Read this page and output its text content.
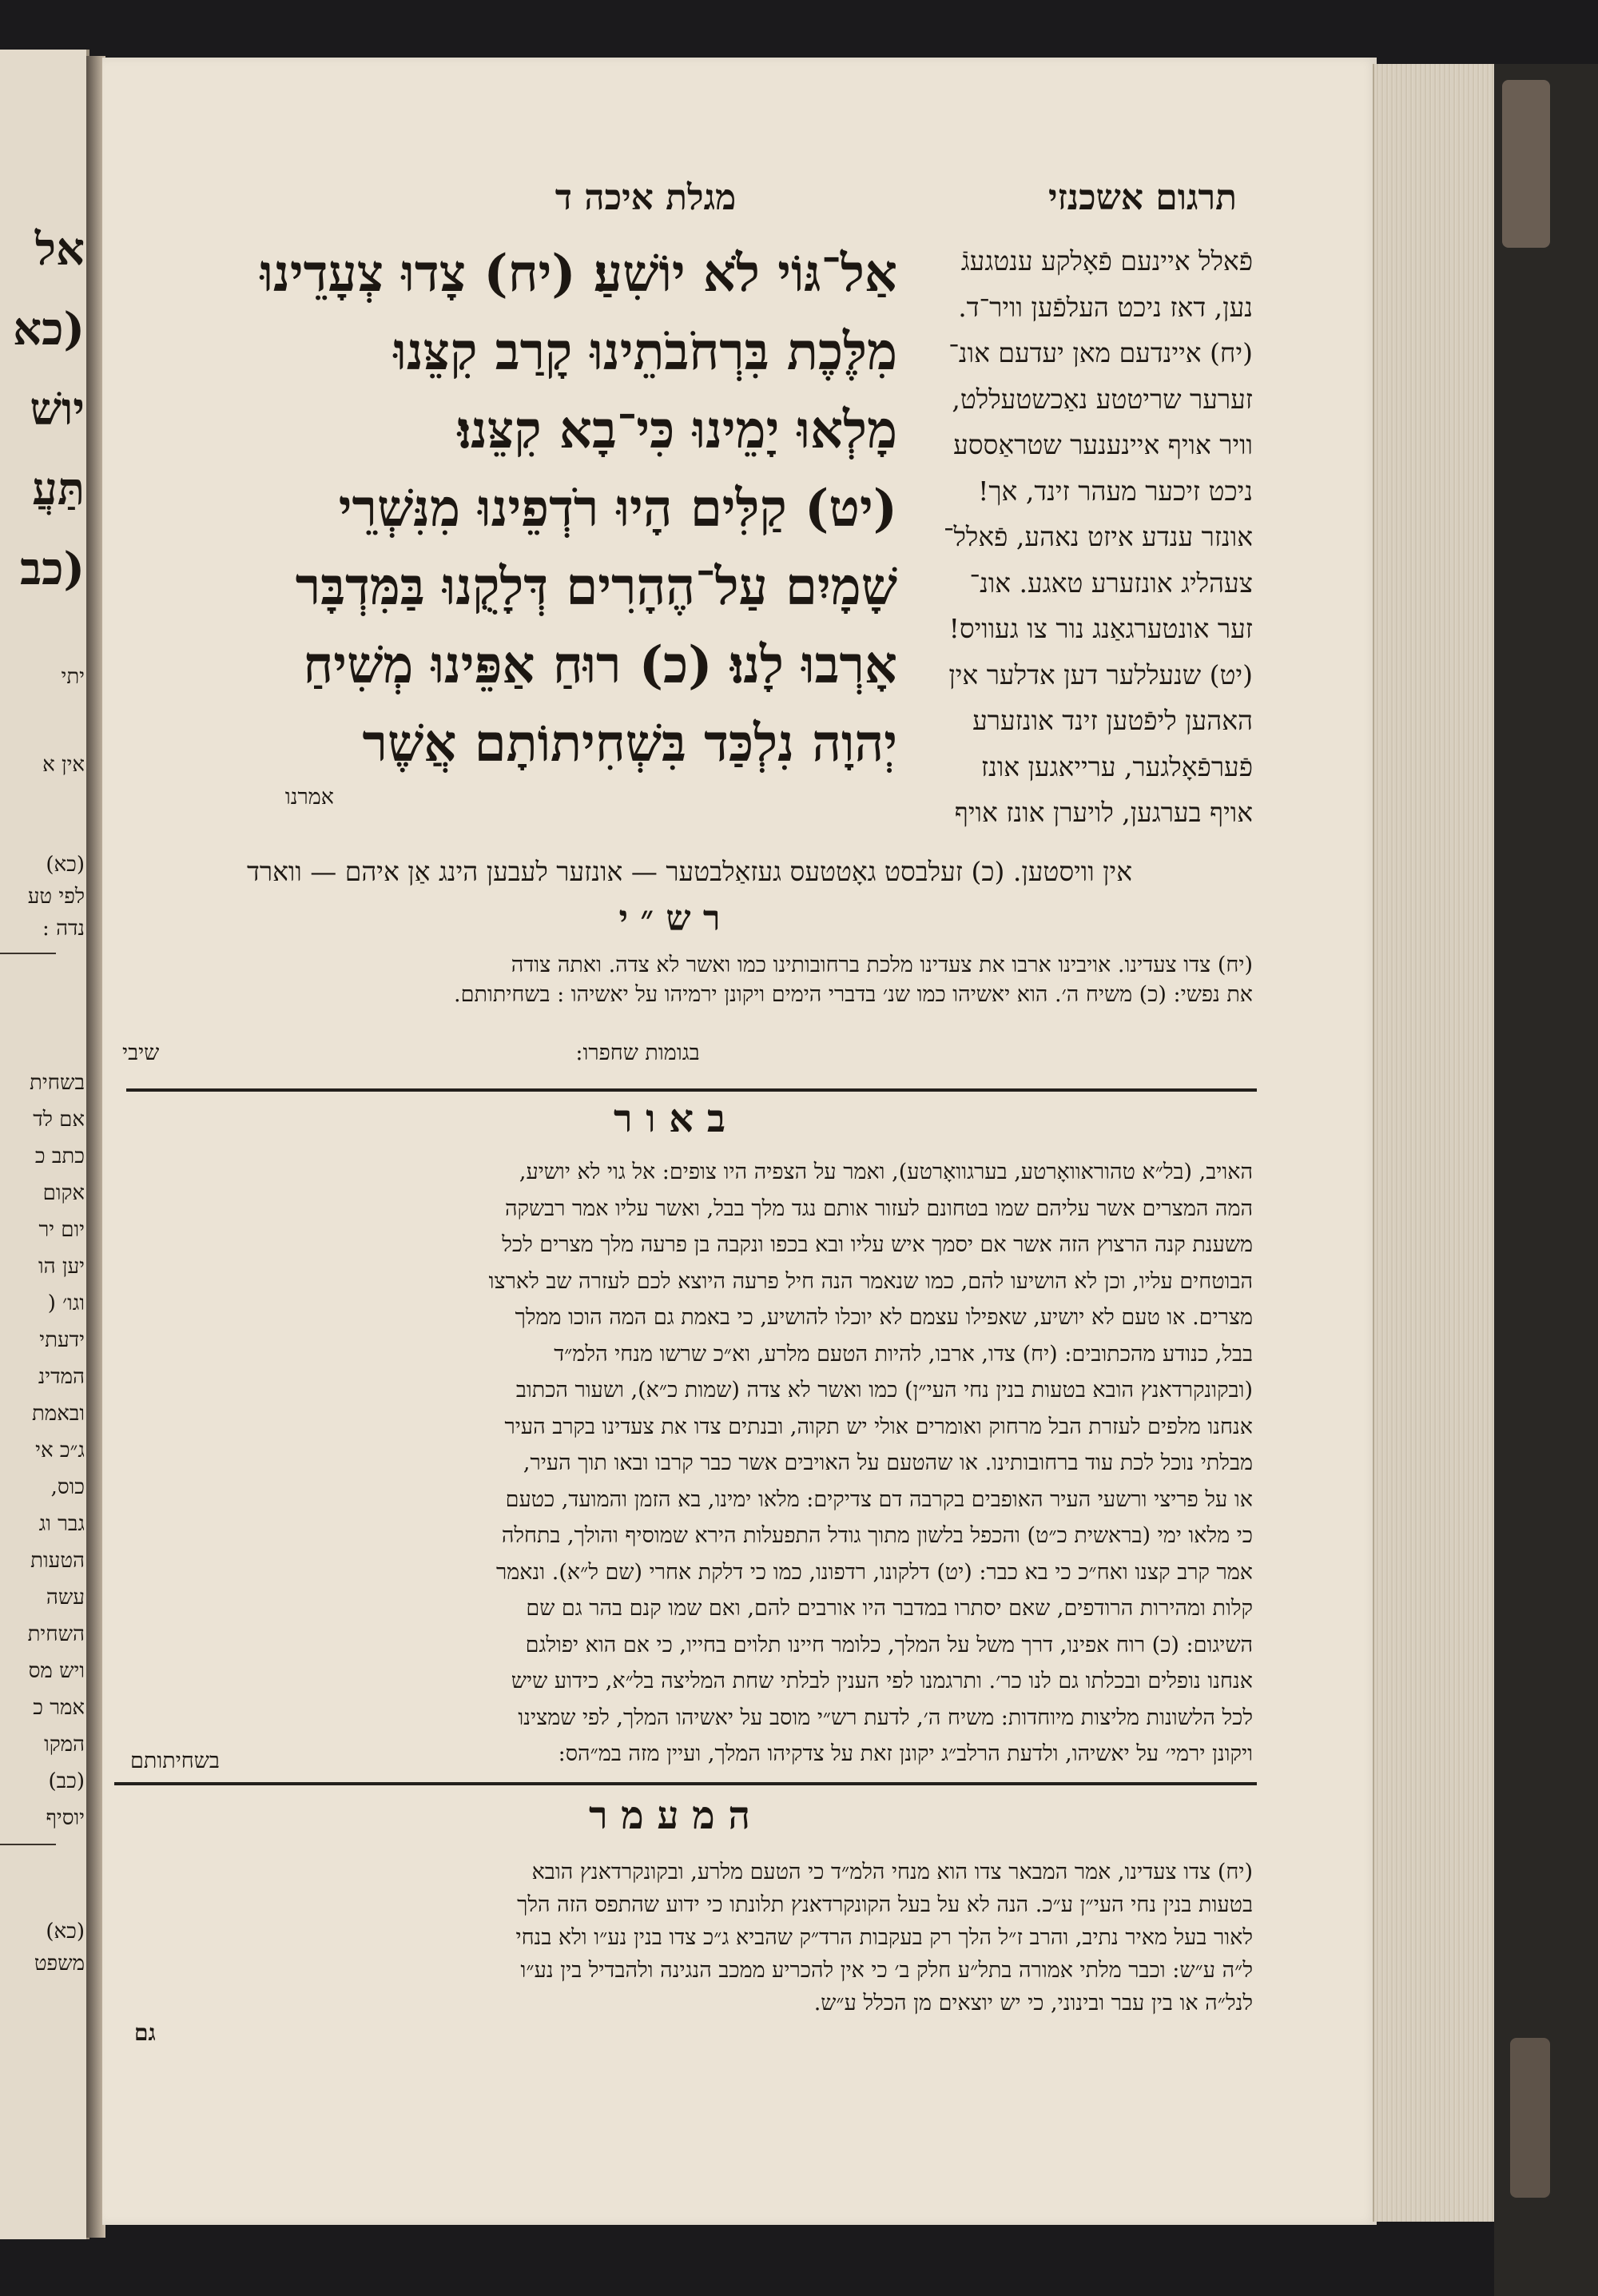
אל
(כא
יושׁ
תַּעֲ
(כב
יתי
אין א
(כא)
לפי טע
נדה :
בשחית
אם לד
כתב כ
אקום
יום יר
יען הו
וגו׳ (
ידעתי
המדינ
ובאמת
ג״כ אי
כוס,
גבר וג
הטעות
עשה
השחית
ויש מס
אמר כ
המקו
(כב)
יוסיף
(כא)
משפט
תרגום אשכנזי
מגלת איכה ד
אַל־גּוֹי לֹא יוֹשִׁעַ׃ (יח) צָדוּ צְעָדֵינוּ
מִלֶּכֶת בִּרְחֹבֹתֵינוּ קָרַב קִצֵּנוּ
מָלְאוּ יָמֵינוּ כִּי־בָא קִצֵּנוּ׃
(יט) קַלִּים הָיוּ רֹדְפֵינוּ מִנִּשְׁרֵי
שָׁמָיִם עַל־הֶהָרִים דְּלָקֻנוּ בַּמִּדְבָּר
אָרְבוּ לָנוּ׃ (כ) רוּחַ אַפֵּינוּ מְשִׁיחַ
יְהוָה נִלְכַּד בִּשְׁחִיתוֹתָם אֲשֶׁר
אמרנו
פֿאלל איינעם פֿאָלקע ענטגעגֿ
נען, דאז ניכט העלפֿען וויר־ד.
(יח) איינדעם מאן יעדעם אונ־
זערער שריטטע נאַכשטעללט,
וויר אויף איינענער שטראַססע
ניכט זיכער מעהר זינד, אך!
אונזר ענדע איזט נאהע, פֿאלל־
צעהליג אונזערע טאגע. אונ־
זער אונטערגאַנג נור צו געוויס!
(יט) שנעללער דען אדלער אין
האהען ליפֿטען זינד אונזערע
פֿערפֿאָלגער, ערייאגען אונז
אויף בערגען, לויערן אונז אויף
אין וויסטען. (כ) זעלבסט גאָטטעס געזאַלבטער — אונזער לעבען הינג אַן איהם — ווארד
ר ש ״ י
(יח) צדו צעדינו. אויבינו ארבו את צעדינו מלכת ברחובותינו כמו ואשר לא צדה. ואתה צודה
את נפשי: (כ) משיח ה׳. הוא יאשיהו כמו שנ׳ בדברי הימים ויקונן ירמיהו על יאשיהו : בשחיתותם.
בגומות שחפרו:
שיבי
ב א ו ר
האויב, (בל״א טהוראוואָרטע, בערגוואָרטע), ואמר על הצפיה היו צופים: אל גוי לא יושיע,
המה המצרים אשר עליהם שמו בטחונם לעזור אותם נגד מלך בבל, ואשר עליו אמר רבשקה
משענת קנה הרצוץ הזה אשר אם יסמך איש עליו ובא בכפו ונקבה בן פרעה מלך מצרים לכל
הבוטחים עליו, וכן לא הושיעו להם, כמו שנאמר הנה חיל פרעה היוצא לכם לעזרה שב לארצו
מצרים. או טעם לא יושיע, שאפילו עצמם לא יוכלו להושיע, כי באמת גם המה הוכו ממלך
בבל, כנודע מהכתובים: (יח) צדו, ארבו, להיות הטעם מלרע, וא״כ שרשו מנחי הלמ״ד
(ובקונקרדאנץ הובא בטעות בנין נחי העי״ן) כמו ואשר לא צדה (שמות כ״א), ושעור הכתוב
אנחנו מלפים לעזרת הבל מרחוק ואומרים אולי יש תקוה, ובנתים צדו את צעדינו בקרב העיר
מבלתי נוכל לכת עוד ברחובותינו. או שהטעם על האויבים אשר כבר קרבו ובאו תוך העיר,
או על פריצי ורשעי העיר האופבים בקרבה דם צדיקים: מלאו ימינו, בא הזמן והמועד, כטעם
כי מלאו ימי (בראשית כ״ט) והכפל בלשון מתוך גודל התפעלות הירא שמוסיף והולך, בתחלה
אמר קרב קצנו ואח״כ כי בא כבר: (יט) דלקונו, רדפונו, כמו כי דלקת אחרי (שם ל״א). ונאמר
קלות ומהירות הרודפים, שאם יסתרו במדבר היו אורבים להם, ואם שמו קנם בהר גם שם
השיגום: (כ) רוח אפינו, דרך משל על המלך, כלומר חיינו תלוים בחייו, כי אם הוא יפולגם
אנחנו נופלים ובכלתו גם לנו כר׳. ותרגמנו לפי הענין לבלתי שחת המליצה בל״א, כידוע שיש
לכל הלשונות מליצות מיוחדות: משיח ה׳, לדעת רש״י מוסב על יאשיהו המלך, לפי שמצינו
ויקונן ירמי׳ על יאשיהו, ולדעת הרלב״ג יקונן זאת על צדקיהו המלך, ועיין מזה במ״הס:
בשחיתותם
ה מ ע מ ר
(יח) צדו צעדינו, אמר המבאר צדו הוא מנחי הלמ״ד כי הטעם מלרע, ובקונקרדאנץ הובא
בטעות בנין נחי העי״ן ע״כ. הנה לא על בעל הקונקרדאנץ תלונתו כי ידוע שהתפס הזה הלך
לאור בעל מאיר נתיב, והרב ז״ל הלך רק בעקבות הרד״ק שהביא ג״כ צדו בנין נע״ו ולא בנחי
ל״ה ע״ש: וכבר מלתי אמורה בתל״ע חלק ב׳ כי אין להכריע ממכב הנגינה ולהבדיל בין נע״ו
לנל״ה או בין עבר ובינוני, כי יש יוצאים מן הכלל ע״ש.
גם
